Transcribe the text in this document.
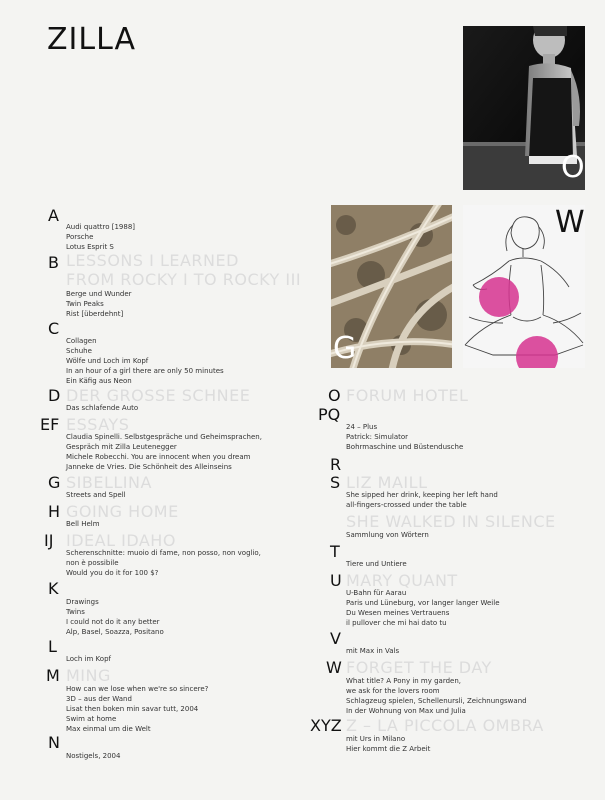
ZILLA
O
G
W
A
Audi quattro [1988]
Porsche
Lotus Esprit S
B LESSONS I LEARNED
FROM ROCKY I TO ROCKY III
Berge und Wunder
Twin Peaks
Rist [überdehnt]
C
Collagen
Schuhe
Wölfe und Loch im Kopf
In an hour of a girl there are only 50 minutes
Ein Käfig aus Neon
D DER GROSSE SCHNEE
Das schlafende Auto
EF ESSAYS
Claudia Spinelli. Selbstgespräche und Geheimsprachen,
Gespräch mit Zilla Leutenegger
Michele Robecchi. You are innocent when you dream
Janneke de Vries. Die Schönheit des Alleinseins
G SIBELLINA
Streets and Spell
H GOING HOME
Bell Helm
IJ IDEAL IDAHO
Scherenschnitte: muoio di fame, non posso, non voglio,
non è possibile
Would you do it for 100 $?
K
Drawings
Twins
I could not do it any better
Alp, Basel, Soazza, Positano
L
Loch im Kopf
M MING
How can we lose when we're so sincere?
3D – aus der Wand
Lisat then boken min savar tutt, 2004
Swim at home
Max einmal um die Welt
N
Nostigels, 2004
O FORUM HOTEL
PQ
24 – Plus
Patrick: Simulator
Bohrmaschine und Büstendusche
R
S LIZ MAILL
She sipped her drink, keeping her left hand
all-fingers-crossed under the table
SHE WALKED IN SILENCE
Sammlung von Wörtern
T
Tiere und Untiere
U MARY QUANT
U-Bahn für Aarau
Paris und Lüneburg, vor langer langer Weile
Du Wesen meines Vertrauens
il pullover che mi hai dato tu
V
mit Max in Vals
W FORGET THE DAY
What title? A Pony in my garden,
we ask for the lovers room
Schlagzeug spielen, Schellenursli, Zeichnungswand
In der Wohnung von Max und Julia
XYZ Z – LA PICCOLA OMBRA
mit Urs in Milano
Hier kommt die Z Arbeit
